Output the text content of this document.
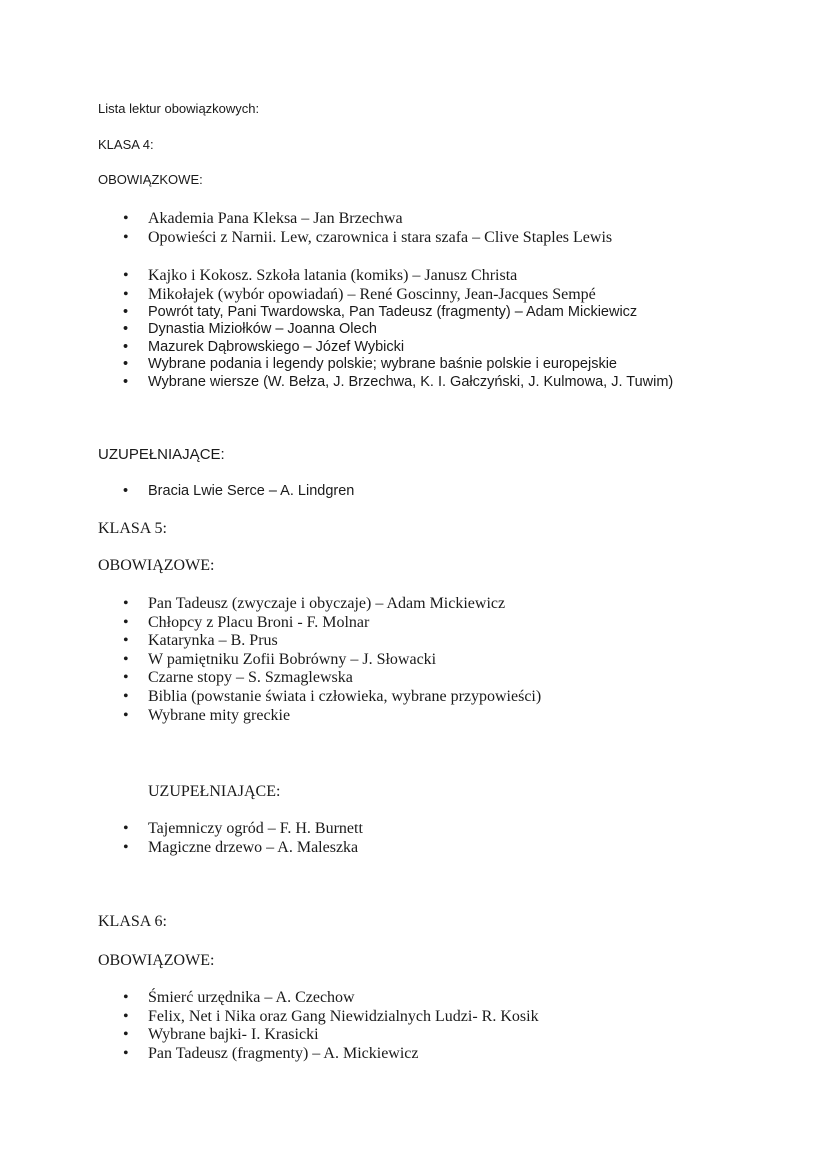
Lista lektur obowiązkowych:
KLASA 4:
OBOWIĄZKOWE:
• Akademia Pana Kleksa – Jan Brzechwa
• Opowieści z Narnii. Lew, czarownica i stara szafa – Clive Staples Lewis
• Kajko i Kokosz. Szkoła latania (komiks) – Janusz Christa
• Mikołajek (wybór opowiadań) – René Goscinny, Jean-Jacques Sempé
• Powrót taty, Pani Twardowska, Pan Tadeusz (fragmenty) – Adam Mickiewicz
• Dynastia Miziołków – Joanna Olech
• Mazurek Dąbrowskiego – Józef Wybicki
• Wybrane podania i legendy polskie; wybrane baśnie polskie i europejskie
• Wybrane wiersze (W. Bełza, J. Brzechwa, K. I. Gałczyński, J. Kulmowa, J. Tuwim)
UZUPEŁNIAJĄCE:
• Bracia Lwie Serce – A. Lindgren
KLASA 5:
OBOWIĄZOWE:
• Pan Tadeusz (zwyczaje i obyczaje) – Adam Mickiewicz
• Chłopcy z Placu Broni - F. Molnar
• Katarynka – B. Prus
• W pamiętniku Zofii Bobrówny – J. Słowacki
• Czarne stopy – S. Szmaglewska
• Biblia (powstanie świata i człowieka, wybrane przypowieści)
• Wybrane mity greckie
UZUPEŁNIAJĄCE:
• Tajemniczy ogród – F. H. Burnett
• Magiczne drzewo – A. Maleszka
KLASA 6:
OBOWIĄZOWE:
• Śmierć urzędnika – A. Czechow
• Felix, Net i Nika oraz Gang Niewidzialnych Ludzi- R. Kosik
• Wybrane bajki- I. Krasicki
• Pan Tadeusz (fragmenty) – A. Mickiewicz
